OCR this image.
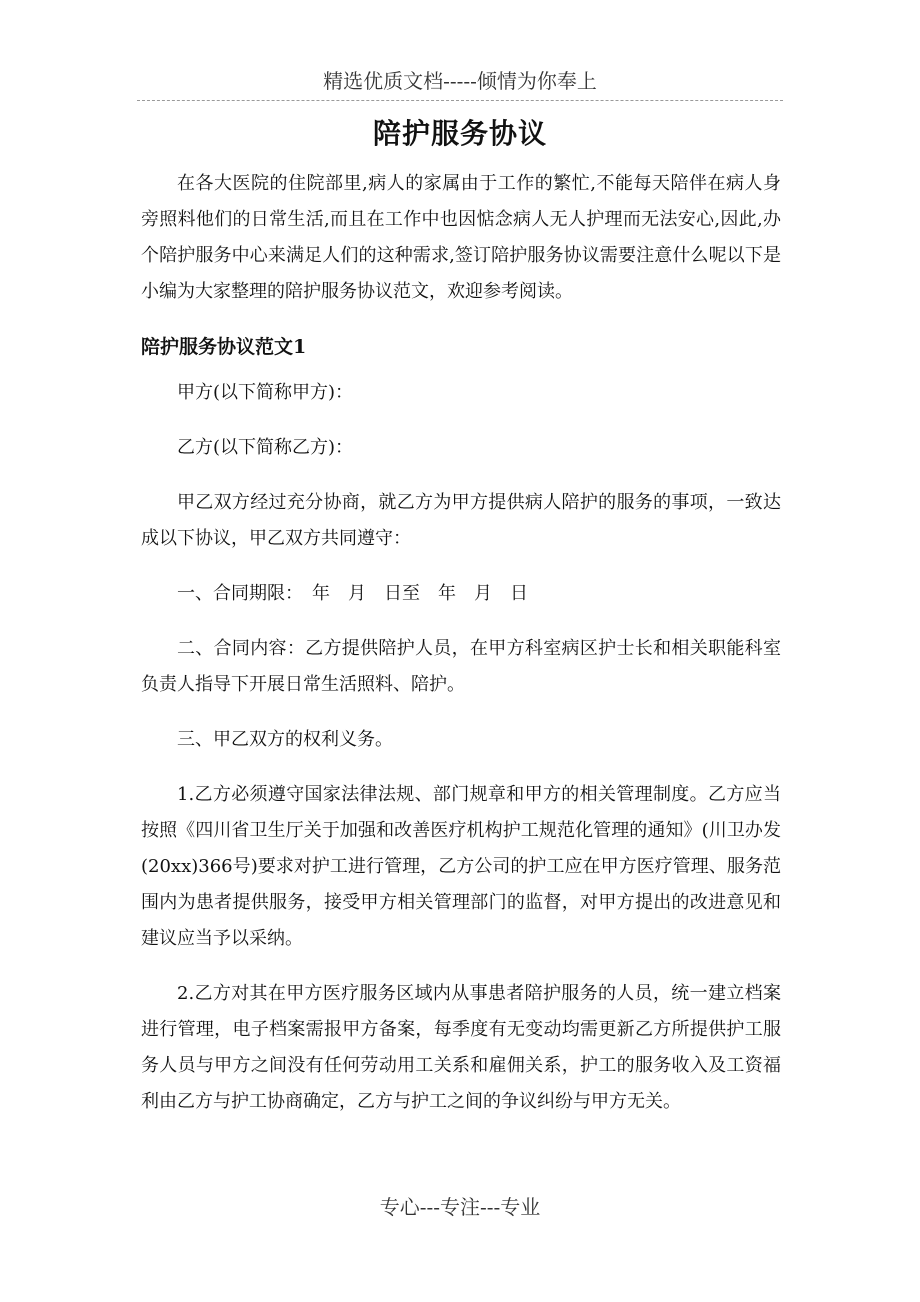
精选优质文档-----倾情为你奉上
陪护服务协议

在各大医院的住院部里,病人的家属由于工作的繁忙,不能每天陪伴在病人身旁照料他们的日常生活,而且在工作中也因惦念病人无人护理而无法安心,因此,办个陪护服务中心来满足人们的这种需求,签订陪护服务协议需要注意什么呢以下是小编为大家整理的陪护服务协议范文，欢迎参考阅读。

陪护服务协议范文1

甲方(以下简称甲方)：

乙方(以下简称乙方)：

甲乙双方经过充分协商，就乙方为甲方提供病人陪护的服务的事项，一致达成以下协议，甲乙双方共同遵守：

一、合同期限：　年　月　日至　年　月　日

二、合同内容：乙方提供陪护人员，在甲方科室病区护士长和相关职能科室负责人指导下开展日常生活照料、陪护。

三、甲乙双方的权利义务。

1.乙方必须遵守国家法律法规、部门规章和甲方的相关管理制度。乙方应当按照《四川省卫生厅关于加强和改善医疗机构护工规范化管理的通知》(川卫办发(20xx)366号)要求对护工进行管理，乙方公司的护工应在甲方医疗管理、服务范围内为患者提供服务，接受甲方相关管理部门的监督，对甲方提出的改进意见和建议应当予以采纳。

2.乙方对其在甲方医疗服务区域内从事患者陪护服务的人员，统一建立档案进行管理，电子档案需报甲方备案，每季度有无变动均需更新乙方所提供护工服务人员与甲方之间没有任何劳动用工关系和雇佣关系，护工的服务收入及工资福利由乙方与护工协商确定，乙方与护工之间的争议纠纷与甲方无关。

专心---专注---专业
